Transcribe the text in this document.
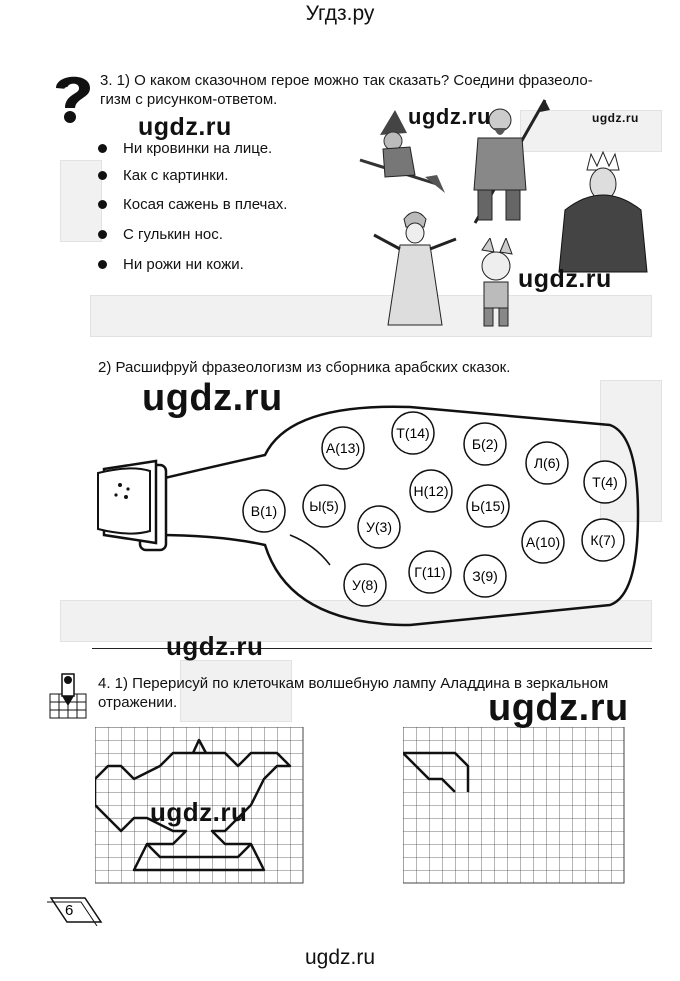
Угдз.ру
3. 1) О каком сказочном герое можно так сказать? Соедини фразеоло-
гизм с рисунком-ответом.
Ни кровинки на лице.
Как с картинки.
Косая сажень в плечах.
С гулькин нос.
Ни рожи ни кожи.
2) Расшифруй фразеологизм из сборника арабских сказок.
А(13)
Т(14)
Б(2)
Л(6)
Т(4)
В(1) Ы(5)
Н(12)
Ь(15)
У(3)
А(10) К(7)
У(8)
Г(11) З(9)
4. 1) Перерисуй по клеточкам волшебную лампу Аладдина в зеркальном
отражении.
6
ugdz.ru	ugdz.ru	ugdz.ru
ugdz.ru
ugdz.ru
ugdz.ru
ugdz.ru
ugdz.ru
ugdz.ru
